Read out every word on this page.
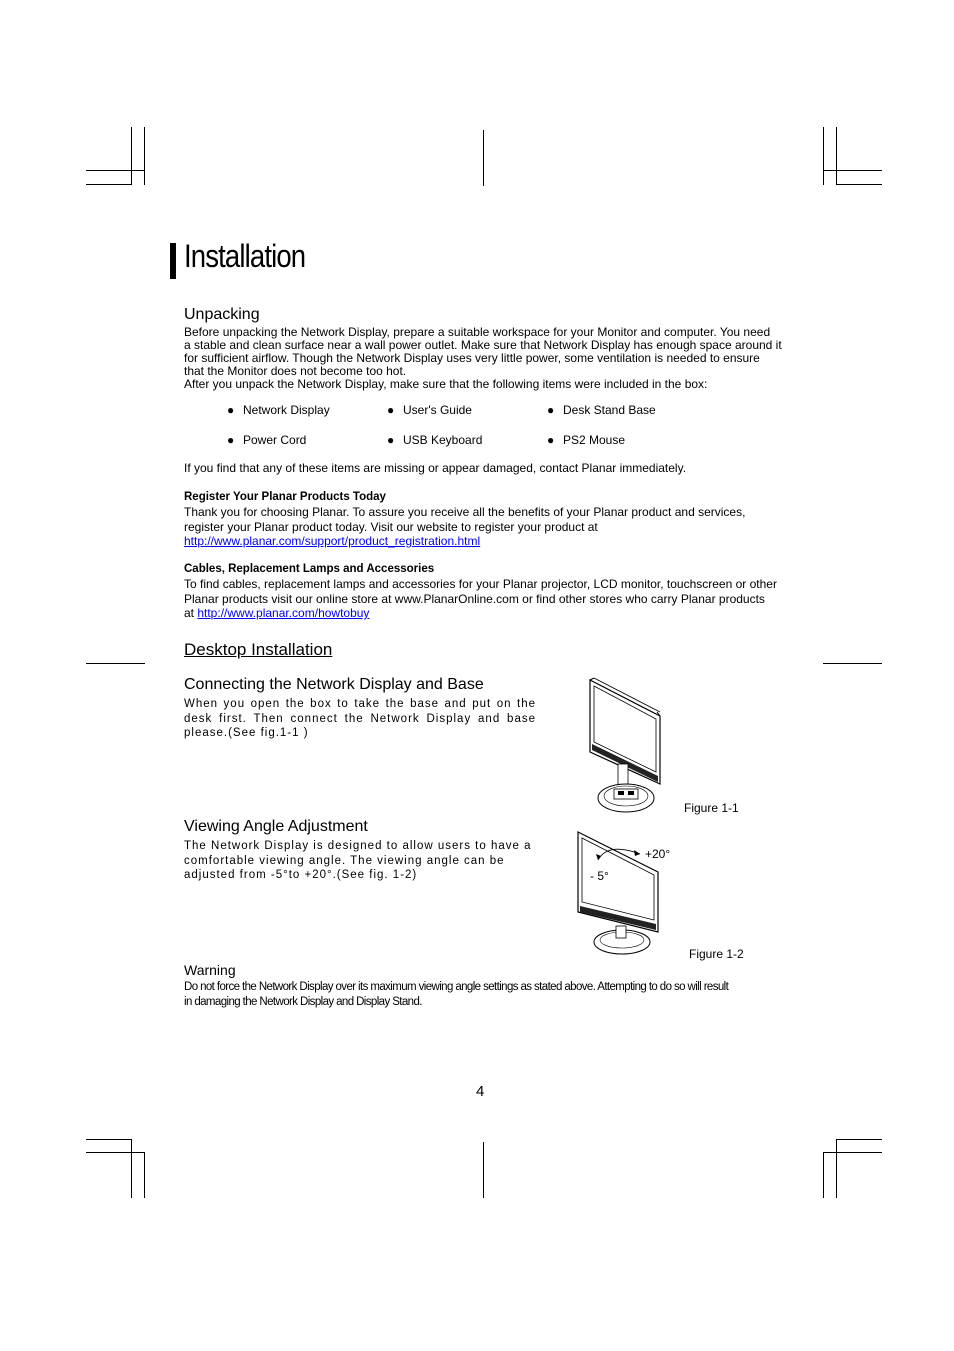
Installation
Unpacking
Before unpacking the Network Display, prepare a suitable workspace for your Monitor and computer. You need
a stable and clean surface near a wall power outlet. Make sure that Network Display has enough space around it
for sufficient airflow. Though the Network Display uses very little power, some ventilation is needed to ensure
that the Monitor does not become too hot.
After you unpack the Network Display, make sure that the following items were included in the box:
● Network Display	● User's Guide	● Desk Stand Base
● Power Cord	● USB Keyboard	● PS2 Mouse
If you find that any of these items are missing or appear damaged, contact Planar immediately.
Register Your Planar Products Today
Thank you for choosing Planar. To assure you receive all the benefits of your Planar product and services,
register your Planar product today. Visit our website to register your product at
http://www.planar.com/support/product_registration.html
Cables, Replacement Lamps and Accessories
To find cables, replacement lamps and accessories for your Planar projector, LCD monitor, touchscreen or other
Planar products visit our online store at www.PlanarOnline.com or find other stores who carry Planar products
at http://www.planar.com/howtobuy
Desktop Installation
Connecting the Network Display and Base
When you open the box to take the base and put on the
desk first. Then connect the Network Display and base
please.(See fig.1-1 )
Figure 1-1
Viewing Angle Adjustment
The Network Display is designed to allow users to have a
comfortable viewing angle. The viewing angle can be
adjusted from -5°to +20°.(See fig. 1-2)
+20°
- 5°
Figure 1-2
Warning
Do not force the Network Display over its maximum viewing angle settings as stated above. Attempting to do so will result
in damaging the Network Display and Display Stand.
4
